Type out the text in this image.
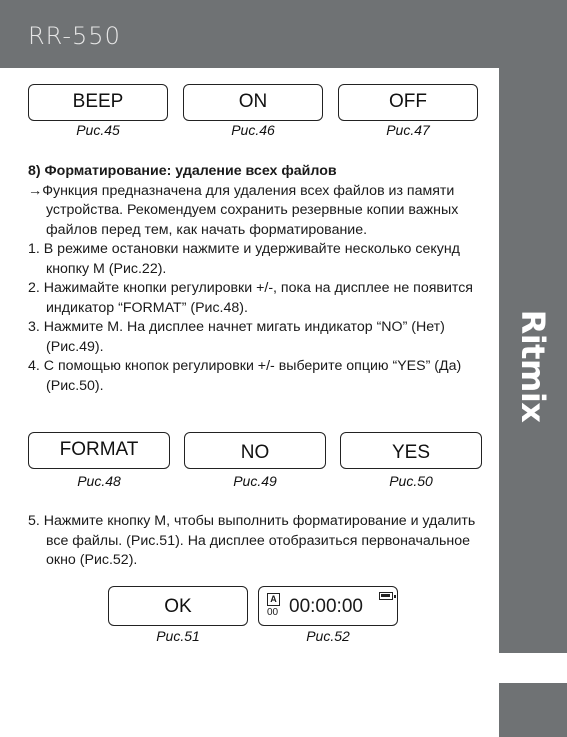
RR-550
Ritmix
BEEP	ON	OFF
Рис.45	Рис.46	Рис.47

8) Форматирование: удаление всех файлов

→Функция предназначена для удаления всех файлов из памяти устройства. Рекомендуем сохранить резервные копии важных файлов перед тем, как начать форматирование.

1. В режиме остановки нажмите и удерживайте несколько секунд кнопку M (Рис.22).

2. Нажимайте кнопки регулировки +/-, пока на дисплее не появится индикатор “FORMAT” (Рис.48).

3. Нажмите M. На дисплее начнет мигать индикатор “NO” (Нет) (Рис.49).

4. С помощью кнопок регулировки +/- выберите опцию “YES” (Да) (Рис.50).

FORMAT	NO	YES
Рис.48	Рис.49	Рис.50

5. Нажмите кнопку M, чтобы выполнить форматирование и удалить все файлы. (Рис.51). На дисплее отобразиться первоначальное окно (Рис.52).

OK
Рис.51
A
00 00:00:00
Рис.52
